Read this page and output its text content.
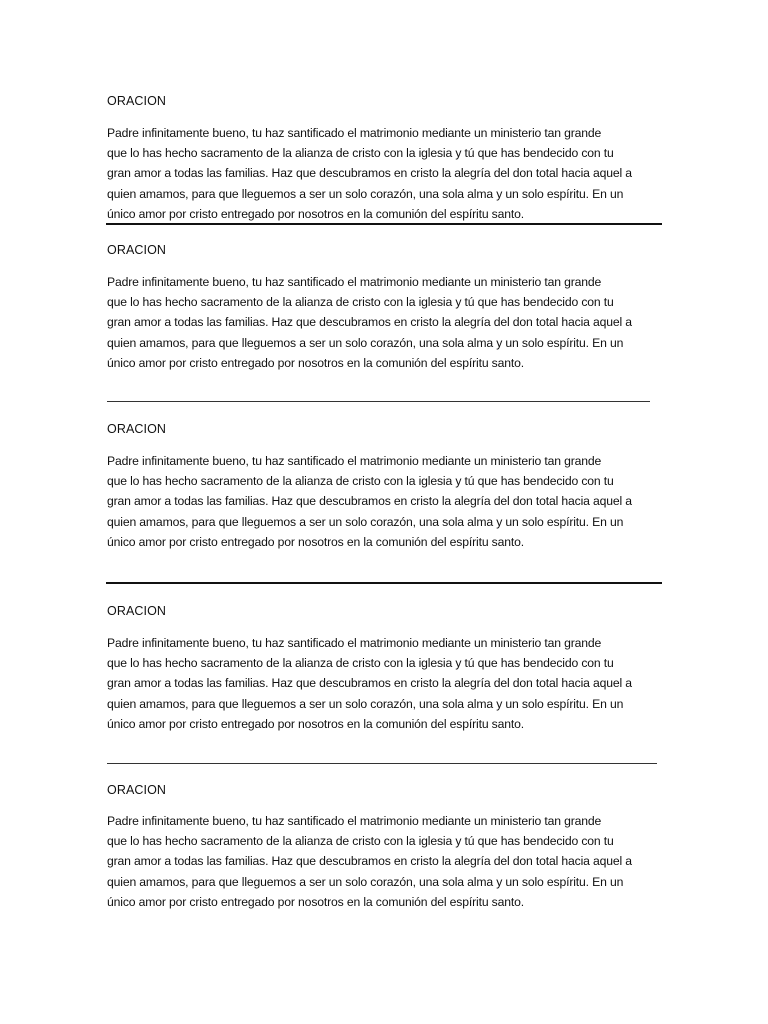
ORACION
Padre infinitamente bueno, tu haz santificado el matrimonio mediante un ministerio tan grande
que lo has hecho sacramento de la alianza de cristo con la iglesia y tú que has bendecido con tu
gran amor a todas las familias. Haz que descubramos en cristo la alegría del don total hacia aquel a
quien amamos, para que lleguemos a ser un solo corazón, una sola alma y un solo espíritu. En un
único amor por cristo entregado por nosotros en la comunión del espíritu santo.
ORACION
Padre infinitamente bueno, tu haz santificado el matrimonio mediante un ministerio tan grande
que lo has hecho sacramento de la alianza de cristo con la iglesia y tú que has bendecido con tu
gran amor a todas las familias. Haz que descubramos en cristo la alegría del don total hacia aquel a
quien amamos, para que lleguemos a ser un solo corazón, una sola alma y un solo espíritu. En un
único amor por cristo entregado por nosotros en la comunión del espíritu santo.
ORACION
Padre infinitamente bueno, tu haz santificado el matrimonio mediante un ministerio tan grande
que lo has hecho sacramento de la alianza de cristo con la iglesia y tú que has bendecido con tu
gran amor a todas las familias. Haz que descubramos en cristo la alegría del don total hacia aquel a
quien amamos, para que lleguemos a ser un solo corazón, una sola alma y un solo espíritu. En un
único amor por cristo entregado por nosotros en la comunión del espíritu santo.
ORACION
Padre infinitamente bueno, tu haz santificado el matrimonio mediante un ministerio tan grande
que lo has hecho sacramento de la alianza de cristo con la iglesia y tú que has bendecido con tu
gran amor a todas las familias. Haz que descubramos en cristo la alegría del don total hacia aquel a
quien amamos, para que lleguemos a ser un solo corazón, una sola alma y un solo espíritu. En un
único amor por cristo entregado por nosotros en la comunión del espíritu santo.
ORACION
Padre infinitamente bueno, tu haz santificado el matrimonio mediante un ministerio tan grande
que lo has hecho sacramento de la alianza de cristo con la iglesia y tú que has bendecido con tu
gran amor a todas las familias. Haz que descubramos en cristo la alegría del don total hacia aquel a
quien amamos, para que lleguemos a ser un solo corazón, una sola alma y un solo espíritu. En un
único amor por cristo entregado por nosotros en la comunión del espíritu santo.
